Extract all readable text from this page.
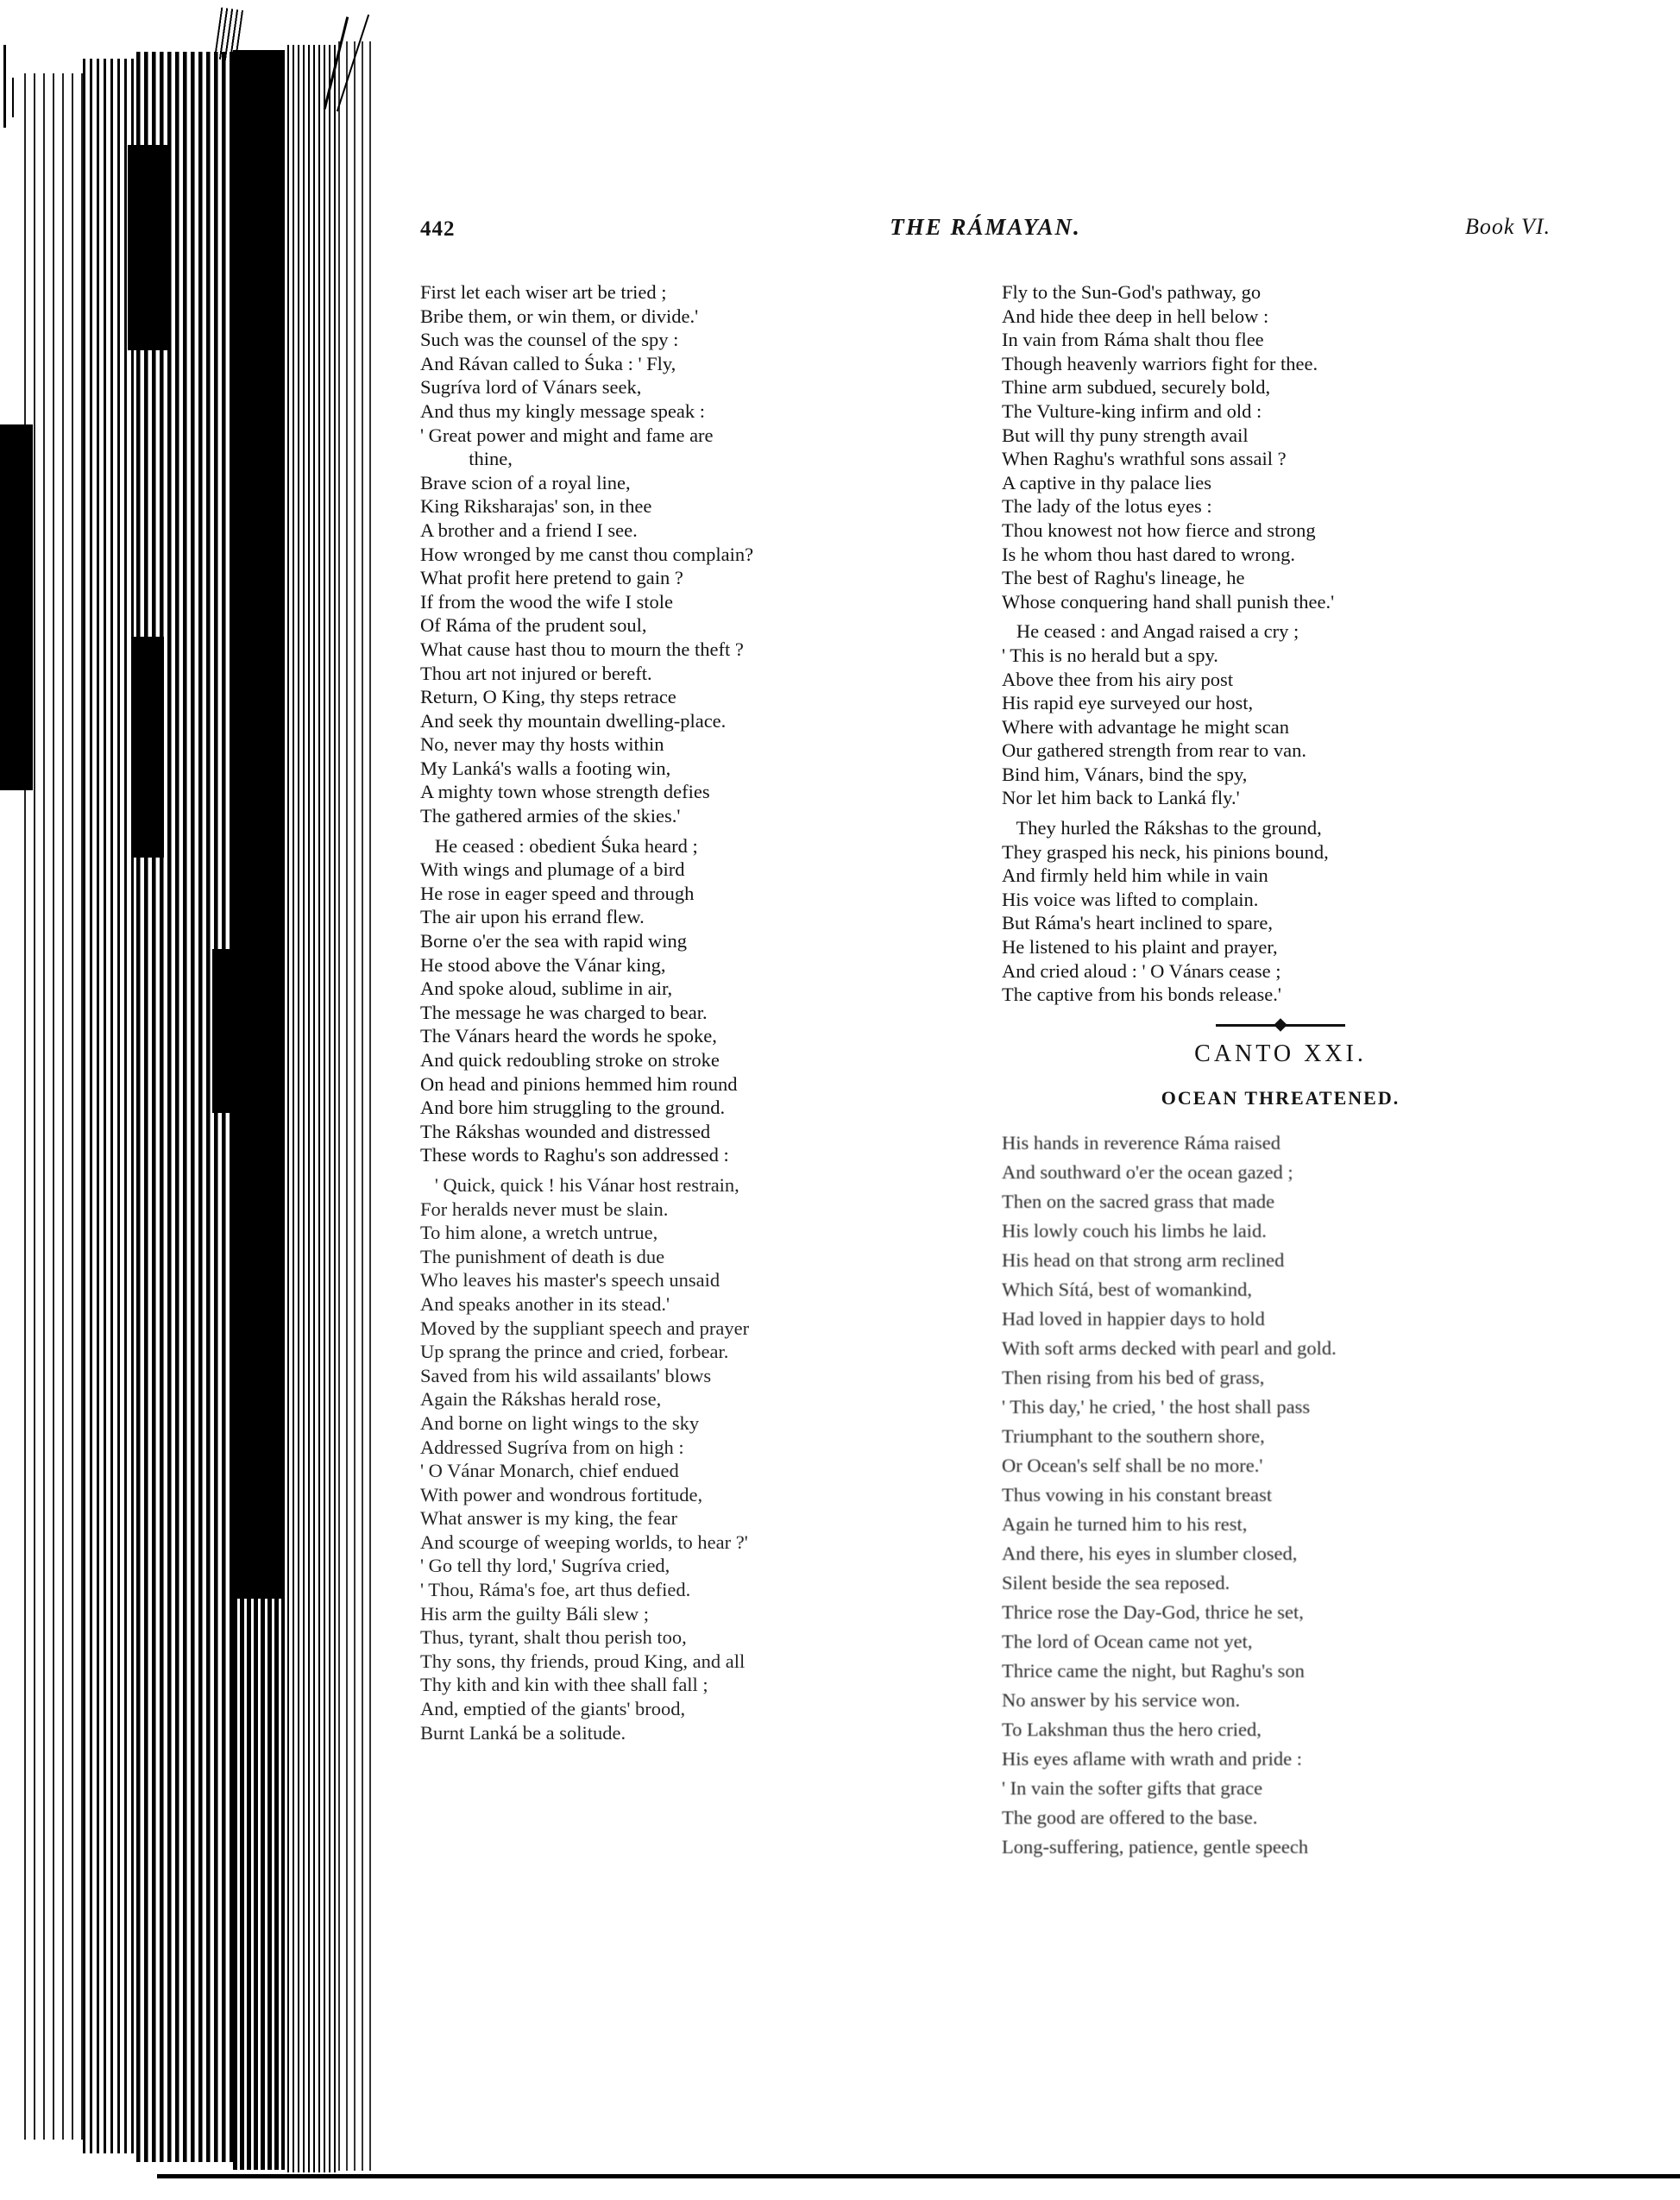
442	THE RÁMAYAN.	Book VI.
First let each wiser art be tried ;
Bribe them, or win them, or divide.'
Such was the counsel of the spy :
And Rávan called to Śuka : ' Fly,
Sugríva lord of Vánars seek,
And thus my kingly message speak :
' Great power and might and fame are
thine,
Brave scion of a royal line,
King Riksharajas' son, in thee
A brother and a friend I see.
How wronged by me canst thou complain?
What profit here pretend to gain ?
If from the wood the wife I stole
Of Ráma of the prudent soul,
What cause hast thou to mourn the theft ?
Thou art not injured or bereft.
Return, O King, thy steps retrace
And seek thy mountain dwelling-place.
No, never may thy hosts within
My Lanká's walls a footing win,
A mighty town whose strength defies
The gathered armies of the skies.'
He ceased : obedient Śuka heard ;
With wings and plumage of a bird
He rose in eager speed and through
The air upon his errand flew.
Borne o'er the sea with rapid wing
He stood above the Vánar king,
And spoke aloud, sublime in air,
The message he was charged to bear.
The Vánars heard the words he spoke,
And quick redoubling stroke on stroke
On head and pinions hemmed him round
And bore him struggling to the ground.
The Rákshas wounded and distressed
These words to Raghu's son addressed :
' Quick, quick ! his Vánar host restrain,
For heralds never must be slain.
To him alone, a wretch untrue,
The punishment of death is due
Who leaves his master's speech unsaid
And speaks another in its stead.'
Moved by the suppliant speech and prayer
Up sprang the prince and cried, forbear.
Saved from his wild assailants' blows
Again the Rákshas herald rose,
And borne on light wings to the sky
Addressed Sugríva from on high :
' O Vánar Monarch, chief endued
With power and wondrous fortitude,
What answer is my king, the fear
And scourge of weeping worlds, to hear ?'
' Go tell thy lord,' Sugríva cried,
' Thou, Ráma's foe, art thus defied.
His arm the guilty Báli slew ;
Thus, tyrant, shalt thou perish too,
Thy sons, thy friends, proud King, and all
Thy kith and kin with thee shall fall ;
And, emptied of the giants' brood,
Burnt Lanká be a solitude.
Fly to the Sun-God's pathway, go
And hide thee deep in hell below :
In vain from Ráma shalt thou flee
Though heavenly warriors fight for thee.
Thine arm subdued, securely bold,
The Vulture-king infirm and old :
But will thy puny strength avail
When Raghu's wrathful sons assail ?
A captive in thy palace lies
The lady of the lotus eyes :
Thou knowest not how fierce and strong
Is he whom thou hast dared to wrong.
The best of Raghu's lineage, he
Whose conquering hand shall punish thee.'
He ceased : and Angad raised a cry ;
' This is no herald but a spy.
Above thee from his airy post
His rapid eye surveyed our host,
Where with advantage he might scan
Our gathered strength from rear to van.
Bind him, Vánars, bind the spy,
Nor let him back to Lanká fly.'
They hurled the Rákshas to the ground,
They grasped his neck, his pinions bound,
And firmly held him while in vain
His voice was lifted to complain.
But Ráma's heart inclined to spare,
He listened to his plaint and prayer,
And cried aloud : ' O Vánars cease ;
The captive from his bonds release.'
CANTO XXI.
OCEAN THREATENED.
His hands in reverence Ráma raised
And southward o'er the ocean gazed ;
Then on the sacred grass that made
His lowly couch his limbs he laid.
His head on that strong arm reclined
Which Sítá, best of womankind,
Had loved in happier days to hold
With soft arms decked with pearl and gold.
Then rising from his bed of grass,
' This day,' he cried, ' the host shall pass
Triumphant to the southern shore,
Or Ocean's self shall be no more.'
Thus vowing in his constant breast
Again he turned him to his rest,
And there, his eyes in slumber closed,
Silent beside the sea reposed.
Thrice rose the Day-God, thrice he set,
The lord of Ocean came not yet,
Thrice came the night, but Raghu's son
No answer by his service won.
To Lakshman thus the hero cried,
His eyes aflame with wrath and pride :
' In vain the softer gifts that grace
The good are offered to the base.
Long-suffering, patience, gentle speech
